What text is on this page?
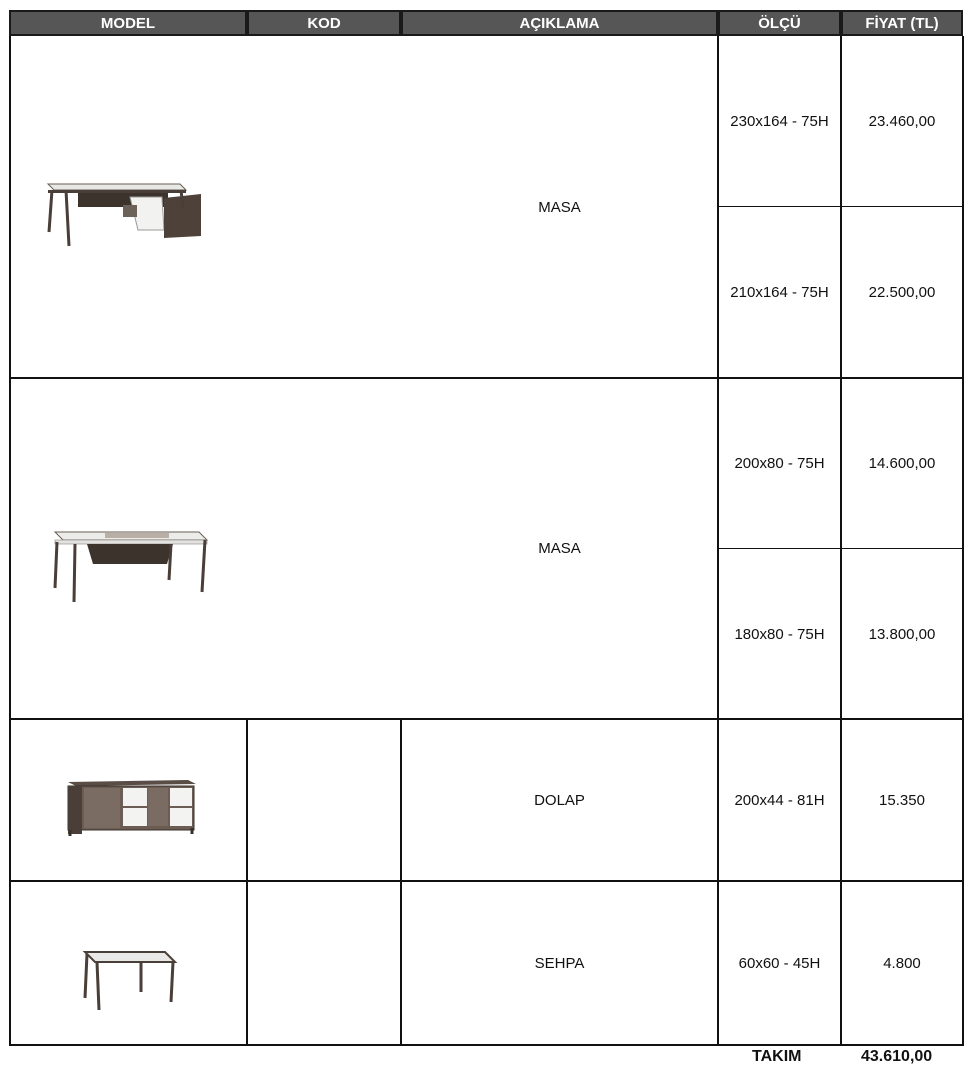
MODEL	KOD	AÇIKLAMA	ÖLÇÜ	FİYAT (TL)
MASA
230x164 - 75H	23.460,00
210x164 - 75H	22.500,00
MASA
200x80 - 75H	14.600,00
180x80 - 75H	13.800,00
DOLAP	200x44 - 81H	15.350
SEHPA	60x60 - 45H	4.800
TAKIM	43.610,00
